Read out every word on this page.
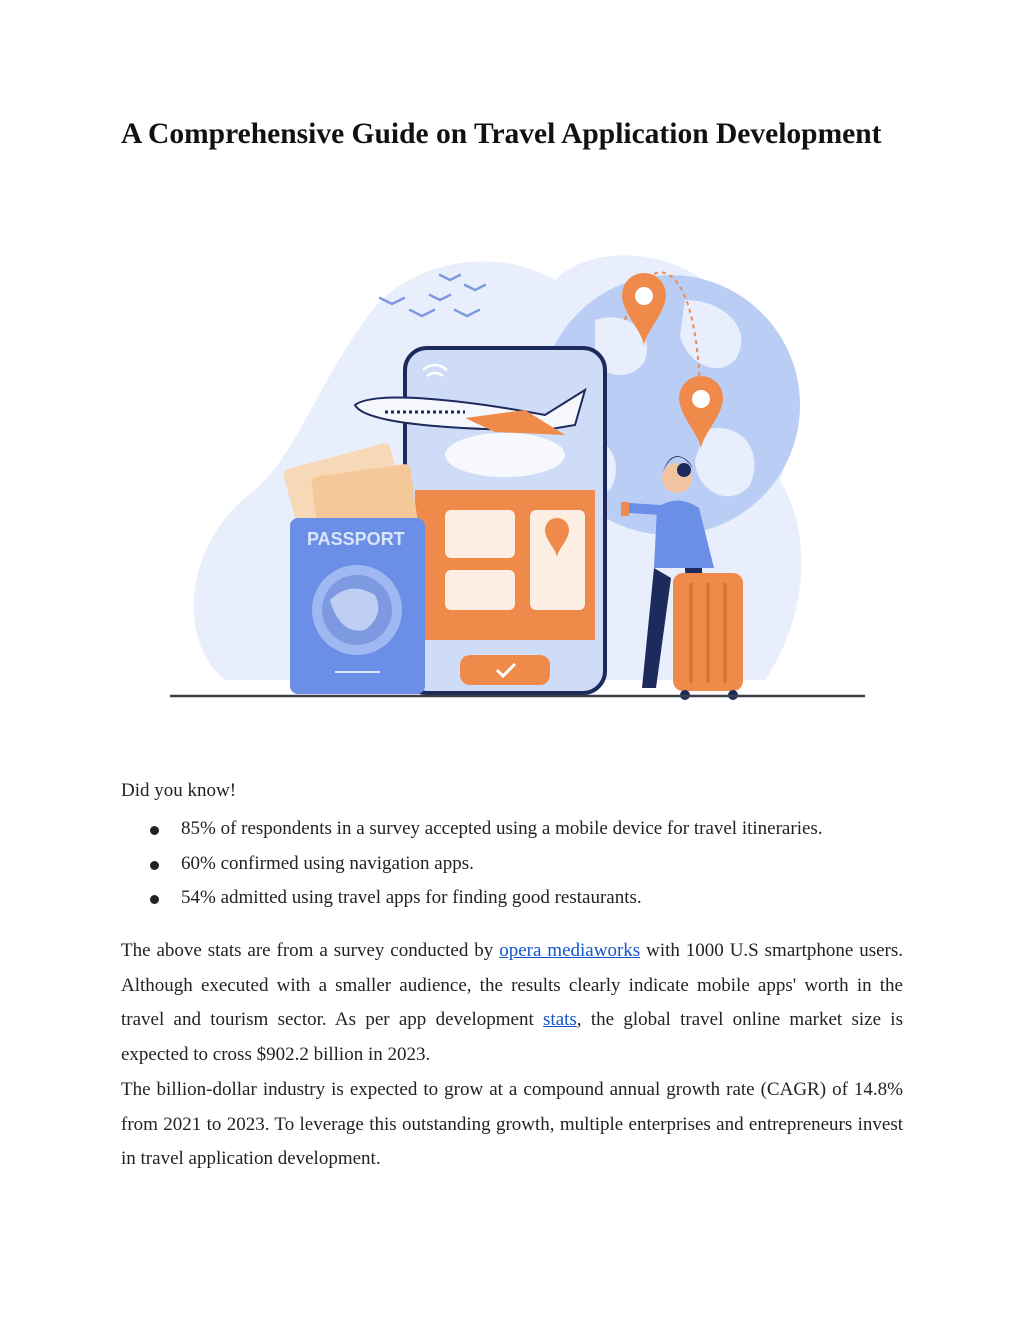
A Comprehensive Guide on Travel Application Development
PASSPORT

Did you know!

85% of respondents in a survey accepted using a mobile device for travel itineraries.
60% confirmed using navigation apps.
54% admitted using travel apps for finding good restaurants.

The above stats are from a survey conducted by opera mediaworks with 1000 U.S smartphone users. Although executed with a smaller audience, the results clearly indicate mobile apps' worth in the travel and tourism sector. As per app development stats, the global travel online market size is expected to cross $902.2 billion in 2023.

The billion-dollar industry is expected to grow at a compound annual growth rate (CAGR) of 14.8% from 2021 to 2023. To leverage this outstanding growth, multiple enterprises and entrepreneurs invest in travel application development.
